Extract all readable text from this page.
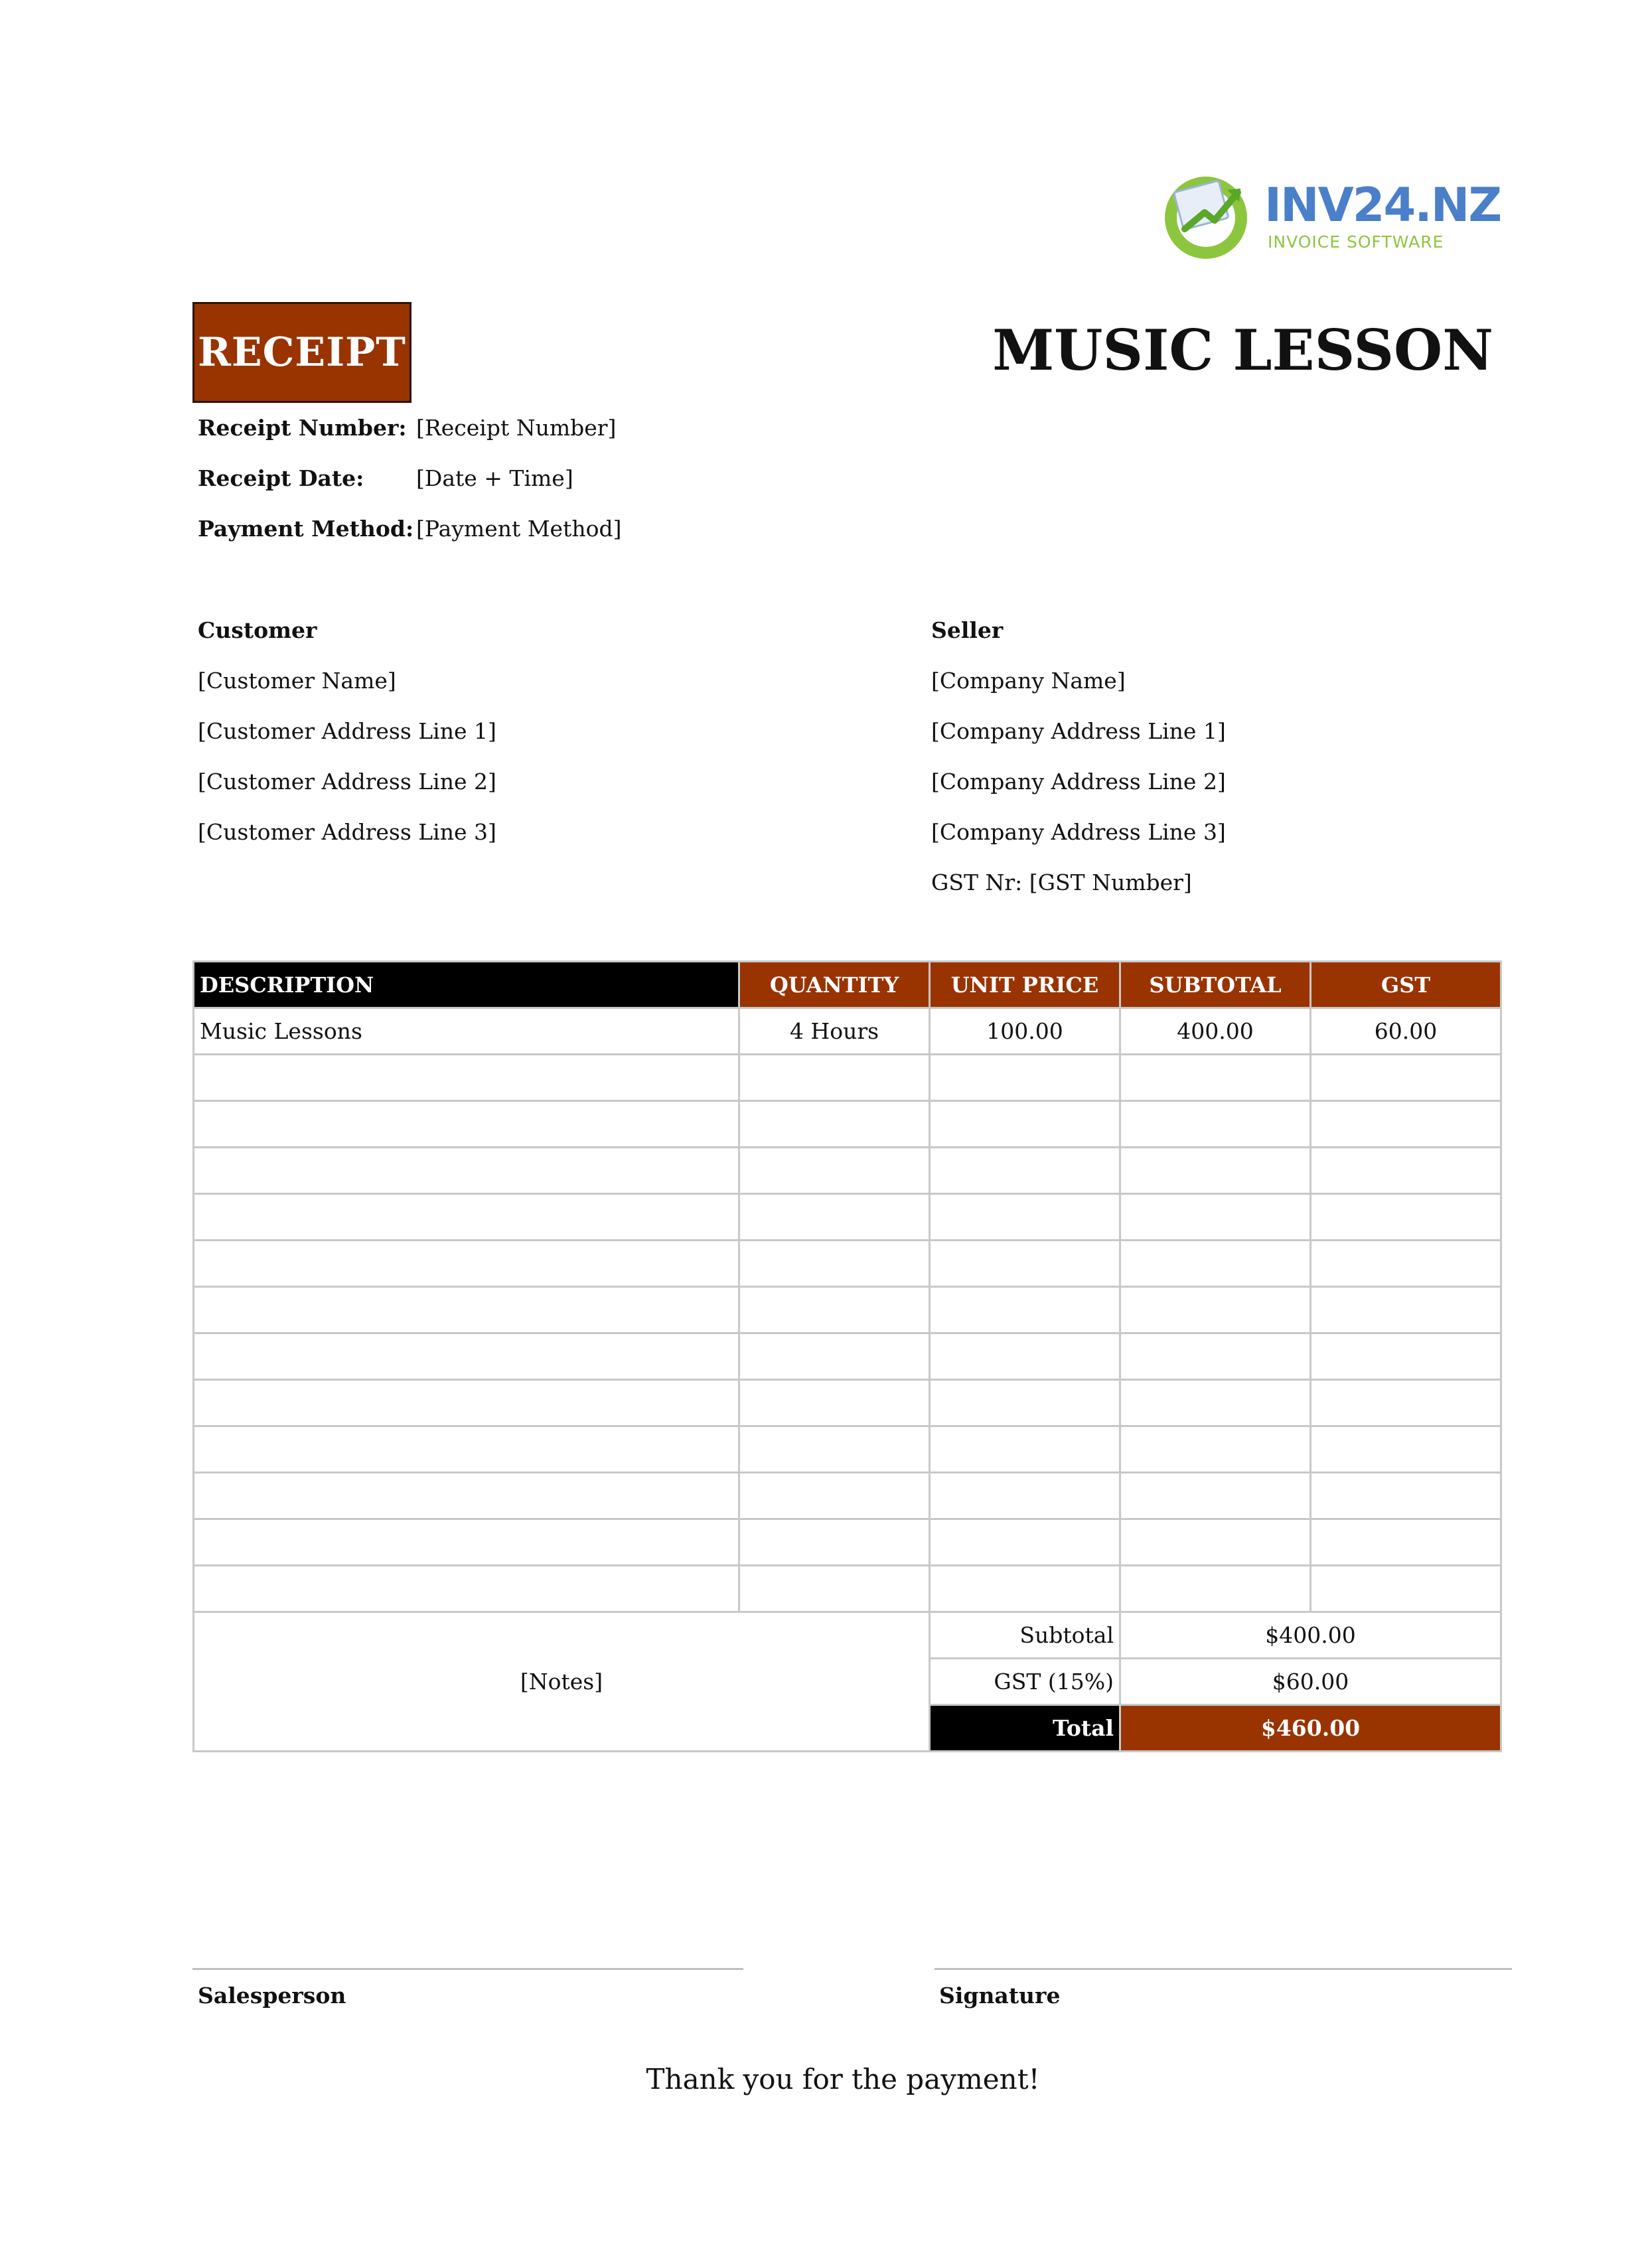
INV24.NZ
INVOICE SOFTWARE
RECEIPT	MUSIC LESSON
Receipt Number: [Receipt Number]
Receipt Date: [Date + Time]
Payment Method: [Payment Method]
Customer
[Customer Name]
[Customer Address Line 1]
[Customer Address Line 2]
[Customer Address Line 3]
Seller
[Company Name]
[Company Address Line 1]
[Company Address Line 2]
[Company Address Line 3]
GST Nr: [GST Number]
DESCRIPTION	QUANTITY	UNIT PRICE	SUBTOTAL	GST
Music Lessons	4 Hours	100.00	400.00	60.00

[Notes]		Subtotal	$400.00	
		GST (15%)	$60.00	
		Total	$460.00	
Salesperson	Signature
Thank you for the payment!
